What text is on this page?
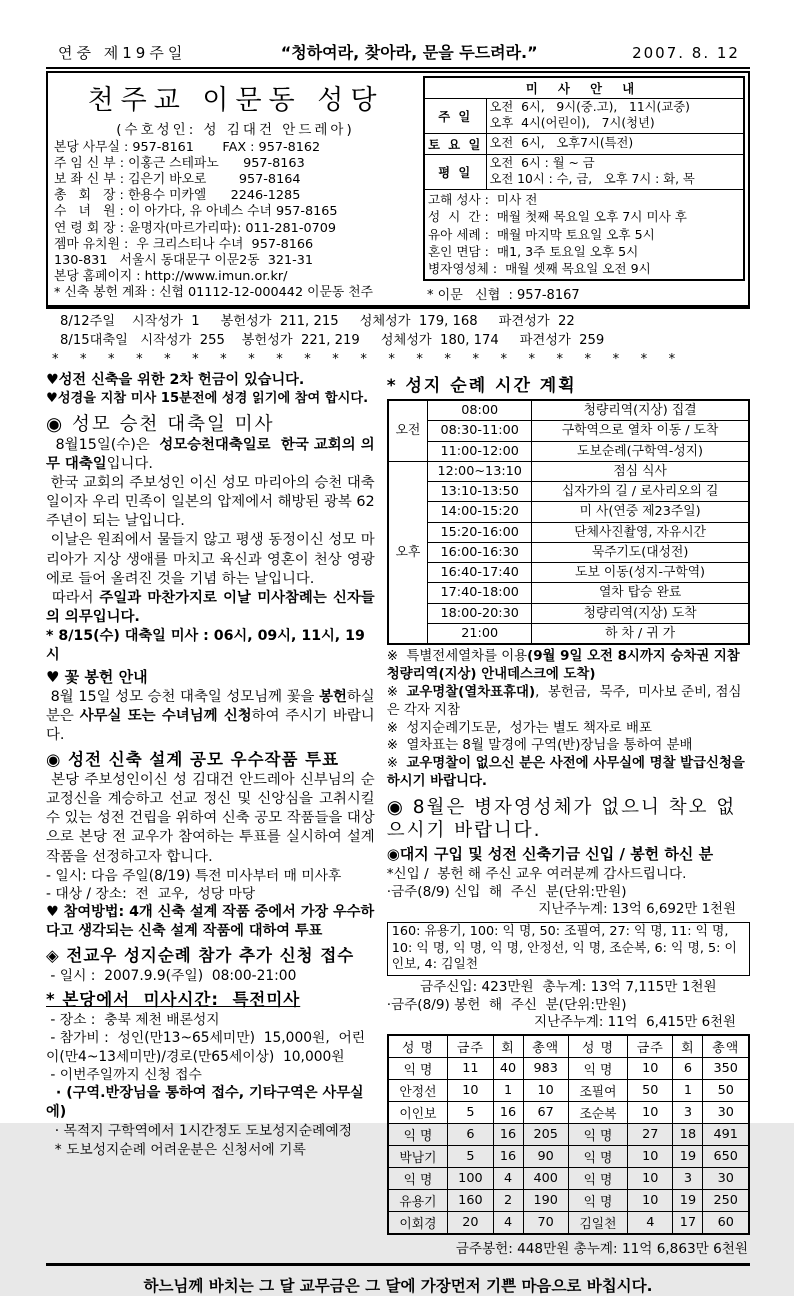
연중 제19주일	“청하여라, 찾아라, 문을 두드려라.”	2007. 8. 12
천주교 이문동 성당
(수호성인: 성 김대건 안드레아)
본당 사무실 : 957-8161       FAX : 957-8162
주 임 신 부 : 이홍근 스테파노      957-8163
보 좌 신 부 : 김은기 바오로        957-8164
총   회   장 : 한용수 미카엘      2246-1285
수   녀   원 : 이 아가다, 유 아녜스 수녀 957-8165
연 령 회 장 : 윤명자(마르가리따): 011-281-0709
젬마 유치원 :  우 크리스티나 수녀  957-8166
130-831   서울시 동대문구 이문2동  321-31
본당 홈페이지 : http://www.imun.or.kr/
* 신축 봉헌 계좌 : 신협 01112-12-000442 이문동 천주
미 사 안 내	
주 일	오전  6시,   9시(중.고),   11시(교중)
오후  4시(어린이),   7시(청년)

토 요 일	오전  6시,   오후7시(특전)

평 일	오전  6시 : 월 ~ 금
오전 10시 : 수, 금,   오후 7시 : 화, 목

고해 성사 :  미사 전
성  시  간 :  매월 첫째 목요일 오후 7시 미사 후
유아 세례 :  매월 마지막 토요일 오후 5시
혼인 면담 :  매1, 3주 토요일 오후 5시
병자영성체 :  매월 셋째 목요일 오전 9시	
* 이문   신협  : 957-8167
8/12주일    시작성가  1     봉헌성가  211, 215     성체성가  179, 168     파견성가  22
8/15대축일   시작성가  255    봉헌성가  221, 219     성체성가  180, 174     파견성가  259
*    *    *    *    *    *    *    *    *    *    *    *    *    *    *    *    *    *    *    *    *    *    *
♥성전 신축을 위한 2차 헌금이 있습니다.
♥성경을 지참 미사 15분전에 성경 읽기에 참여 합시다.
◉ 성모 승천 대축일 미사
8월15일(수)은  성모승천대축일로  한국 교회의 의무 대축일입니다.
한국 교회의 주보성인 이신 성모 마리아의 승천 대축일이자 우리 민족이 일본의 압제에서 해방된 광복 62주년이 되는 날입니다.
이날은 원죄에서 물들지 않고 평생 동정이신 성모 마리아가 지상 생애를 마치고 육신과 영혼이 천상 영광에로 들어 올려진 것을 기념 하는 날입니다.
따라서 주일과 마찬가지로 이날 미사참례는 신자들의 의무입니다.
* 8/15(수) 대축일 미사 : 06시, 09시, 11시, 19시
♥ 꽃 봉헌 안내
8월 15일 성모 승천 대축일 성모님께 꽃을 봉헌하실 분은 사무실 또는 수녀님께 신청하여 주시기 바랍니다.
◉ 성전 신축 설계 공모 우수작품 투표
본당 주보성인이신 성 김대건 안드레아 신부님의 순교정신을 계승하고 선교 정신 및 신앙심을 고취시킬 수 있는 성전 건립을 위하여 신축 공모 작품들을 대상으로 본당 전 교우가 참여하는 투표를 실시하여 설계 작품을 선정하고자 합니다.
- 일시: 다음 주일(8/19) 특전 미사부터 매 미사후
- 대상 / 장소:  전  교우,  성당 마당
♥ 참여방법: 4개 신축 설계 작품 중에서 가장 우수하다고 생각되는 신축 설계 작품에 대하여 투표
◈ 전교우 성지순례 참가 추가 신청 접수
- 일시 :  2007.9.9(주일)  08:00-21:00
* 본당에서  미사시간:  특전미사
- 장소 :  충북 제천 배론성지
- 참가비 :  성인(만13~65세미만)  15,000원,  어린이(만4~13세미만)/경로(만65세이상)  10,000원
- 이번주일까지 신청 접수
· (구역.반장님을 통하여 접수, 기타구역은 사무실에)
· 목적지 구학역에서 1시간정도 도보성지순례예정
* 도보성지순례 어려운분은 신청서에 기록
* 성지 순례 시간 계획
오전	08:00	청량리역(지상) 집결
	08:30-11:00	구학역으로 열차 이동 / 도착
	11:00-12:00	도보순례(구학역-성지)
오후	12:00~13:10	점심 식사
	13:10-13:50	십자가의 길 / 로사리오의 길
	14:00-15:20	미 사(연중 제23주일)
	15:20-16:00	단체사진촬영, 자유시간
	16:00-16:30	묵주기도(대성전)
	16:40-17:40	도보 이동(성지-구학역)
	17:40-18:00	열차 탑승 완료
	18:00-20:30	청량리역(지상) 도착
	21:00	하 차 / 귀 가
※  특별전세열차를 이용(9월 9일 오전 8시까지 승차권 지참 청량리역(지상) 안내데스크에 도착)
※  교우명찰(열차표휴대),  봉헌금,  묵주,  미사보 준비, 점심은 각자 지참
※  성지순례기도문,  성가는 별도 책자로 배포
※  열차표는 8월 말경에 구역(반)장님을 통하여 분배
※  교우명찰이 없으신 분은 사전에 사무실에 명찰 발급신청을 하시기 바랍니다.
◉ 8월은 병자영성체가 없으니 착오 없으시기 바랍니다.
◉대지 구입 및 성전 신축기금 신입 / 봉헌 하신 분
*신입 /  봉헌 해 주신 교우 여러분께 감사드립니다.
·금주(8/9) 신입  해  주신  분(단위:만원)
지난주누계: 13억 6,692만 1천원
160: 유용기, 100: 익 명, 50: 조필여, 27: 익 명, 11: 익 명, 10: 익 명, 익 명, 익 명, 안정선, 익 명, 조순복, 6: 익 명, 5: 이인보, 4: 김일천
금주신입: 423만원  총누계: 13억 7,115만 1천원
·금주(8/9) 봉헌  해  주신  분(단위:만원)
지난주누계: 11억  6,415만 6천원
성 명	금주	회	총액	성 명	금주	회	총액
익 명	11	40	983	익 명	10	6	350
안정선	10	1	10	조필여	50	1	50
이인보	5	16	67	조순복	10	3	30
익 명	6	16	205	익 명	27	18	491
박남기	5	16	90	익 명	10	19	650
익 명	100	4	400	익 명	10	3	30
유용기	160	2	190	익 명	10	19	250
이회경	20	4	70	김일천	4	17	60
금주봉헌: 448만원 총누계: 11억 6,863만 6천원
하느님께 바치는 그 달 교무금은 그 달에 가장먼저 기쁜 마음으로 바칩시다.
